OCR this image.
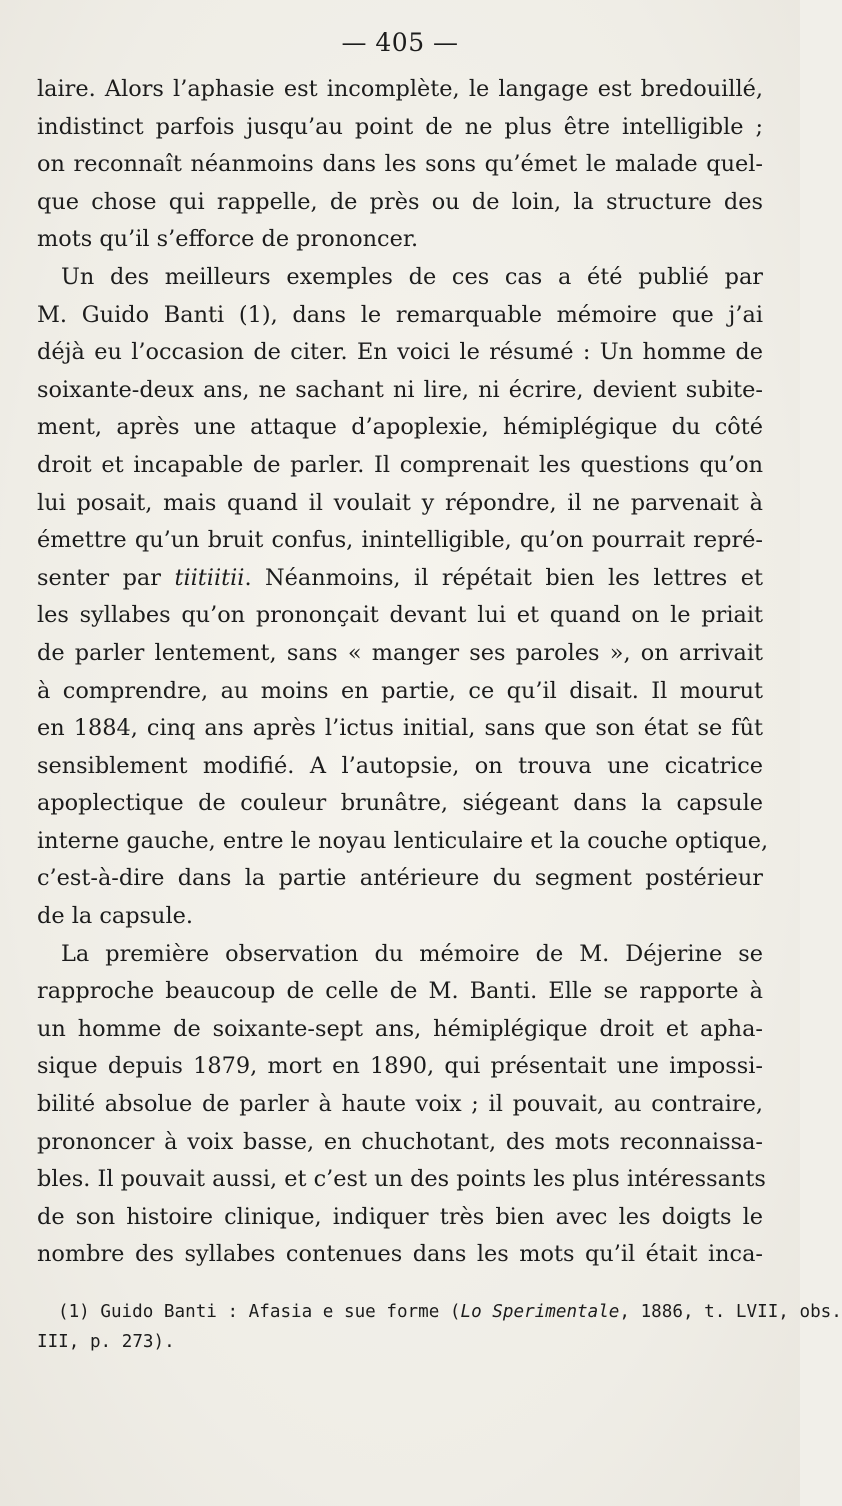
— 405 —
laire. Alors l’aphasie est incomplète, le langage est bredouillé,
indistinct parfois jusqu’au point de ne plus être intelligible ;
on reconnaît néanmoins dans les sons qu’émet le malade quel-
que chose qui rappelle, de près ou de loin, la structure des
mots qu’il s’efforce de prononcer.
Un des meilleurs exemples de ces cas a été publié par
M. Guido Banti (1), dans le remarquable mémoire que j’ai
déjà eu l’occasion de citer. En voici le résumé : Un homme de
soixante-deux ans, ne sachant ni lire, ni écrire, devient subite-
ment, après une attaque d’apoplexie, hémiplégique du côté
droit et incapable de parler. Il comprenait les questions qu’on
lui posait, mais quand il voulait y répondre, il ne parvenait à
émettre qu’un bruit confus, inintelligible, qu’on pourrait repré-
senter par tiitiitii. Néanmoins, il répétait bien les lettres et
les syllabes qu’on prononçait devant lui et quand on le priait
de parler lentement, sans « manger ses paroles », on arrivait
à comprendre, au moins en partie, ce qu’il disait. Il mourut
en 1884, cinq ans après l’ictus initial, sans que son état se fût
sensiblement modifié. A l’autopsie, on trouva une cicatrice
apoplectique de couleur brunâtre, siégeant dans la capsule
interne gauche, entre le noyau lenticulaire et la couche optique,
c’est-à-dire dans la partie antérieure du segment postérieur
de la capsule.
La première observation du mémoire de M. Déjerine se
rapproche beaucoup de celle de M. Banti. Elle se rapporte à
un homme de soixante-sept ans, hémiplégique droit et apha-
sique depuis 1879, mort en 1890, qui présentait une impossi-
bilité absolue de parler à haute voix ; il pouvait, au contraire,
prononcer à voix basse, en chuchotant, des mots reconnaissa-
bles. Il pouvait aussi, et c’est un des points les plus intéressants
de son histoire clinique, indiquer très bien avec les doigts le
nombre des syllabes contenues dans les mots qu’il était inca-
(1) Guido Banti : Afasia e sue forme (Lo Sperimentale, 1886, t. LVII, obs.
III, p. 273).
